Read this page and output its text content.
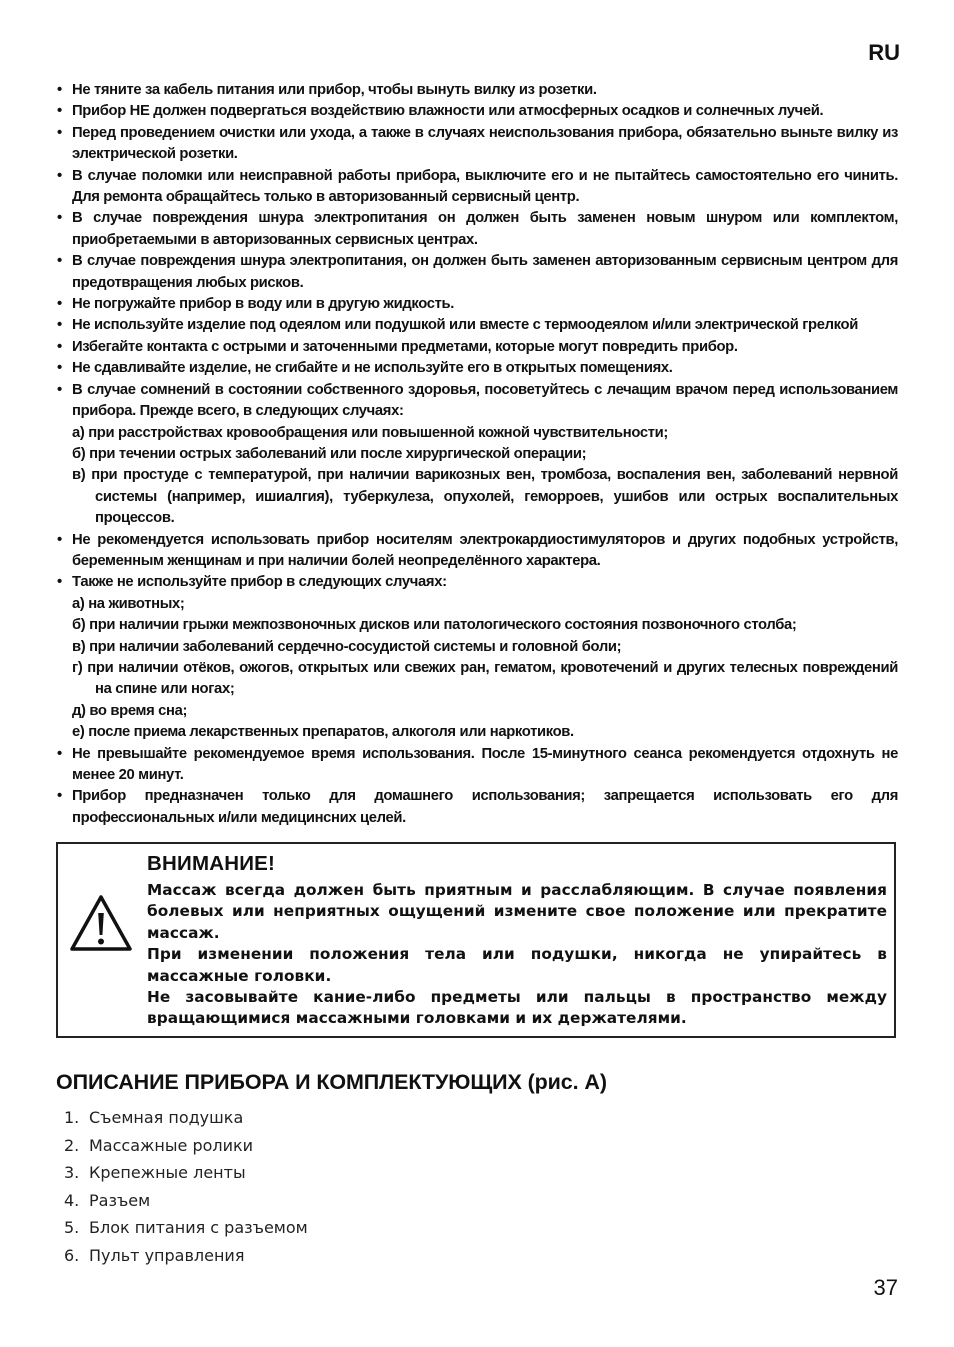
RU
• Не тяните за кабель питания или прибор, чтобы вынуть вилку из розетки.
• Прибор НЕ должен подвергаться воздействию влажности или атмосферных осадков и солнечных лучей.
• Перед проведением очистки или ухода, а также в случаях неиспользования прибора, обязательно выньте вилку из электрической розетки.
• В случае поломки или неисправной работы прибора, выключите его и не пытайтесь самостоятельно его чинить. Для ремонта обращайтесь только в авторизованный сервисный центр.
• В случае повреждения шнура электропитания он должен быть заменен новым шнуром или комплектом, приобретаемыми в авторизованных сервисных центрах.
• В случае повреждения шнура электропитания, он должен быть заменен авторизованным сервисным центром для предотвращения любых рисков.
• Не погружайте прибор в воду или в другую жидкость.
• Не используйте изделие под одеялом или подушкой или вместе с термоодеялом и/или электрической грелкой
• Избегайте контакта с острыми и заточенными предметами, которые могут повредить прибор.
• Не сдавливайте изделие, не сгибайте и не используйте его в открытых помещениях.
• В случае сомнений в состоянии собственного здоровья, посоветуйтесь с лечащим врачом перед использованием прибора. Прежде всего, в следующих случаях:
а) при расстройствах кровообращения или повышенной кожной чувствительности;
б) при течении острых заболеваний или после хирургической операции;
в) при простуде с температурой, при наличии варикозных вен, тромбоза, воспаления вен, заболеваний нервной системы (например, ишиалгия), туберкулеза, опухолей, геморроев, ушибов или острых воспалительных процессов.
• Не рекомендуется использовать прибор носителям электрокардиостимуляторов и других подобных устройств, беременным женщинам и при наличии болей неопределённого характера.
• Также не используйте прибор в следующих случаях:
а) на животных;
б) при наличии грыжи межпозвоночных дисков или патологического состояния позвоночного столба;
в) при наличии заболеваний сердечно-сосудистой системы и головной боли;
г) при наличии отёков, ожогов, открытых или свежих ран, гематом, кровотечений и других телесных повреждений на спине или ногах;
д) во время сна;
е) после приема лекарственных препаратов, алкоголя или наркотиков.
• Не превышайте рекомендуемое время использования. После 15-минутного сеанса рекомендуется отдохнуть не менее 20 минут.
• Прибор предназначен только для домашнего использования; запрещается использовать его для профессиональных и/или медицинсних целей.
ВНИМАНИЕ!

Массаж всегда должен быть приятным и расслабляющим. В случае появления болевых или неприятных ощущений измените свое положение или прекратите массаж.

При изменении положения тела или подушки, никогда не упирайтесь в массажные головки.

Не засовывайте кание-либо предметы или пальцы в пространство между вращающимися массажными головками и их держателями.

ОПИСАНИЕ ПРИБОРА И КОМПЛЕКТУЮЩИХ (рис. А)
1. Съемная подушка
2. Массажные ролики
3. Крепежные ленты
4. Разъем
5. Блок питания с разъемом
6. Пульт управления
37
